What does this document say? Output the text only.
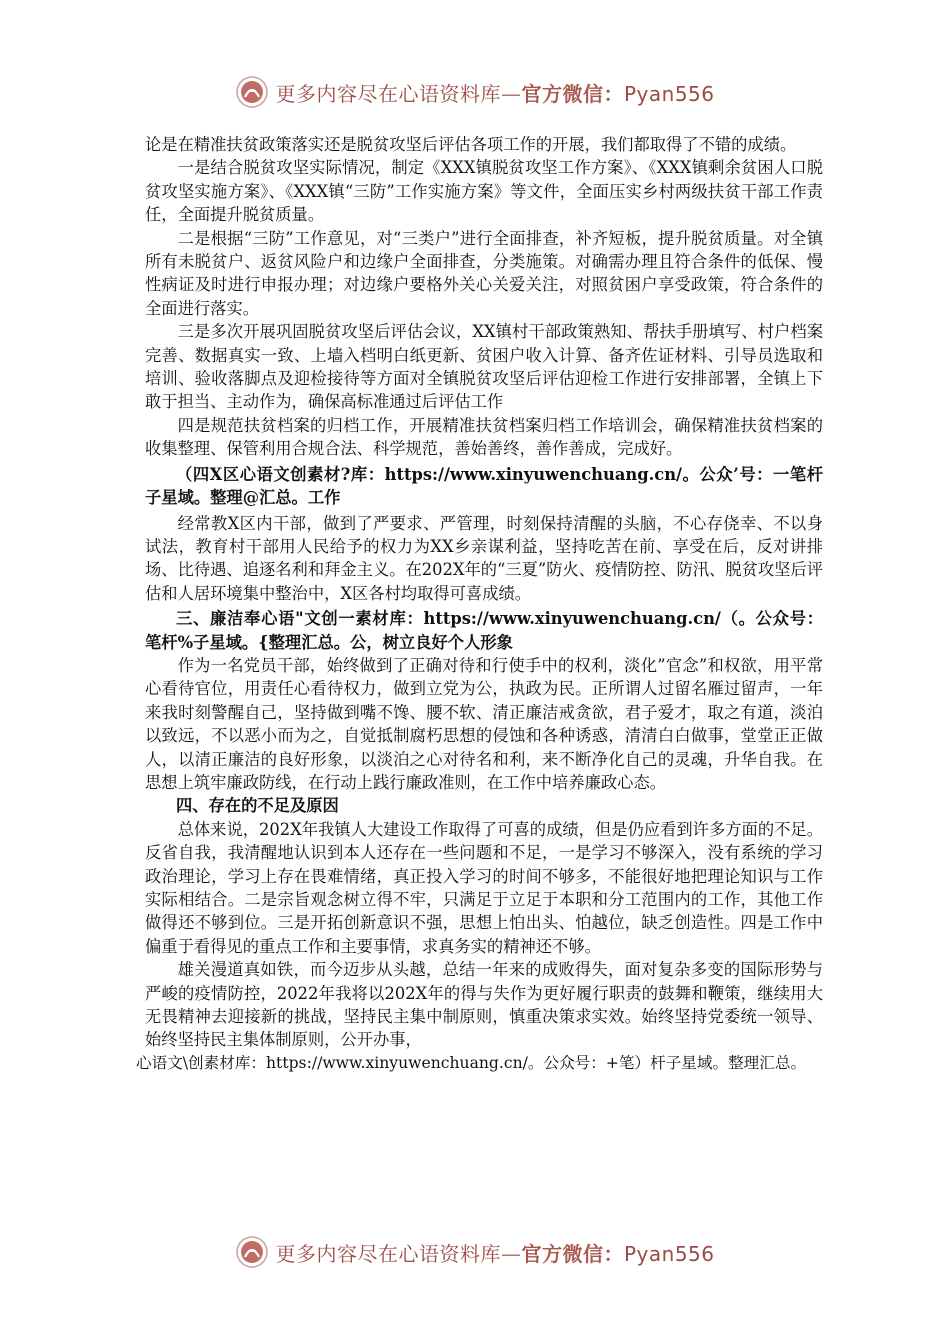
更多内容尽在心语资料库—官方微信：Pyan556

论是在精准扶贫政策落实还是脱贫攻坚后评估各项工作的开展，我们都取得了不错的成绩。

一是结合脱贫攻坚实际情况，制定《XXX镇脱贫攻坚工作方案》、《XXX镇剩余贫困人口脱贫攻坚实施方案》、《XXX镇“三防”工作实施方案》等文件，全面压实乡村两级扶贫干部工作责任，全面提升脱贫质量。

二是根据“三防”工作意见，对“三类户”进行全面排查，补齐短板，提升脱贫质量。对全镇所有未脱贫户、返贫风险户和边缘户全面排查，分类施策。对确需办理且符合条件的低保、慢性病证及时进行申报办理；对边缘户要格外关心关爱关注，对照贫困户享受政策，符合条件的全面进行落实。

三是多次开展巩固脱贫攻坚后评估会议，XX镇村干部政策熟知、帮扶手册填写、村户档案完善、数据真实一致、上墙入档明白纸更新、贫困户收入计算、备齐佐证材料、引导员选取和培训、验收落脚点及迎检接待等方面对全镇脱贫攻坚后评估迎检工作进行安排部署，全镇上下敢于担当、主动作为，确保高标准通过后评估工作

四是规范扶贫档案的归档工作，开展精准扶贫档案归档工作培训会，确保精准扶贫档案的收集整理、保管利用合规合法、科学规范，善始善终，善作善成，完成好。

（四X区心语文创素材?库：https://www.xinyuwenchuang.cn/。公众’号：一笔杆子星域。整理@汇总。工作

经常教X区内干部，做到了严要求、严管理，时刻保持清醒的头脑，不心存侥幸、不以身试法，教育村干部用人民给予的权力为XX乡亲谋利益，坚持吃苦在前、享受在后，反对讲排场、比待遇、追逐名利和拜金主义。在202X年的“三夏”防火、疫情防控、防汛、脱贫攻坚后评估和人居环境集中整治中，X区各村均取得可喜成绩。

三、廉洁奉心语"文创一素材库：https://www.xinyuwenchuang.cn/（。公众号：笔杆%子星域。{整理汇总。公，树立良好个人形象

作为一名党员干部，始终做到了正确对待和行使手中的权利，淡化”官念”和权欲，用平常心看待官位，用责任心看待权力，做到立党为公，执政为民。正所谓人过留名雁过留声，一年来我时刻警醒自己，坚持做到嘴不馋、腰不软、清正廉洁戒贪欲，君子爱才，取之有道，淡泊以致远，不以恶小而为之，自觉抵制腐朽思想的侵蚀和各种诱惑，清清白白做事，堂堂正正做人，以清正廉洁的良好形象，以淡泊之心对待名和利，来不断净化自己的灵魂，升华自我。在思想上筑牢廉政防线，在行动上践行廉政准则，在工作中培养廉政心态。

四、存在的不足及原因

总体来说，202X年我镇人大建设工作取得了可喜的成绩，但是仍应看到许多方面的不足。反省自我，我清醒地认识到本人还存在一些问题和不足，一是学习不够深入，没有系统的学习政治理论，学习上存在畏难情绪，真正投入学习的时间不够多，不能很好地把理论知识与工作实际相结合。二是宗旨观念树立得不牢，只满足于立足于本职和分工范围内的工作，其他工作做得还不够到位。三是开拓创新意识不强，思想上怕出头、怕越位，缺乏创造性。四是工作中偏重于看得见的重点工作和主要事情，求真务实的精神还不够。

雄关漫道真如铁，而今迈步从头越，总结一年来的成败得失，面对复杂多变的国际形势与严峻的疫情防控，2022年我将以202X年的得与失作为更好履行职责的鼓舞和鞭策，继续用大无畏精神去迎接新的挑战，坚持民主集中制原则，慎重决策求实效。始终坚持党委统一领导、始终坚持民主集体制原则，公开办事，

心语文\创素材库：https://www.xinyuwenchuang.cn/。公众号：+笔）杆子星域。整理汇总。

更多内容尽在心语资料库—官方微信：Pyan556
